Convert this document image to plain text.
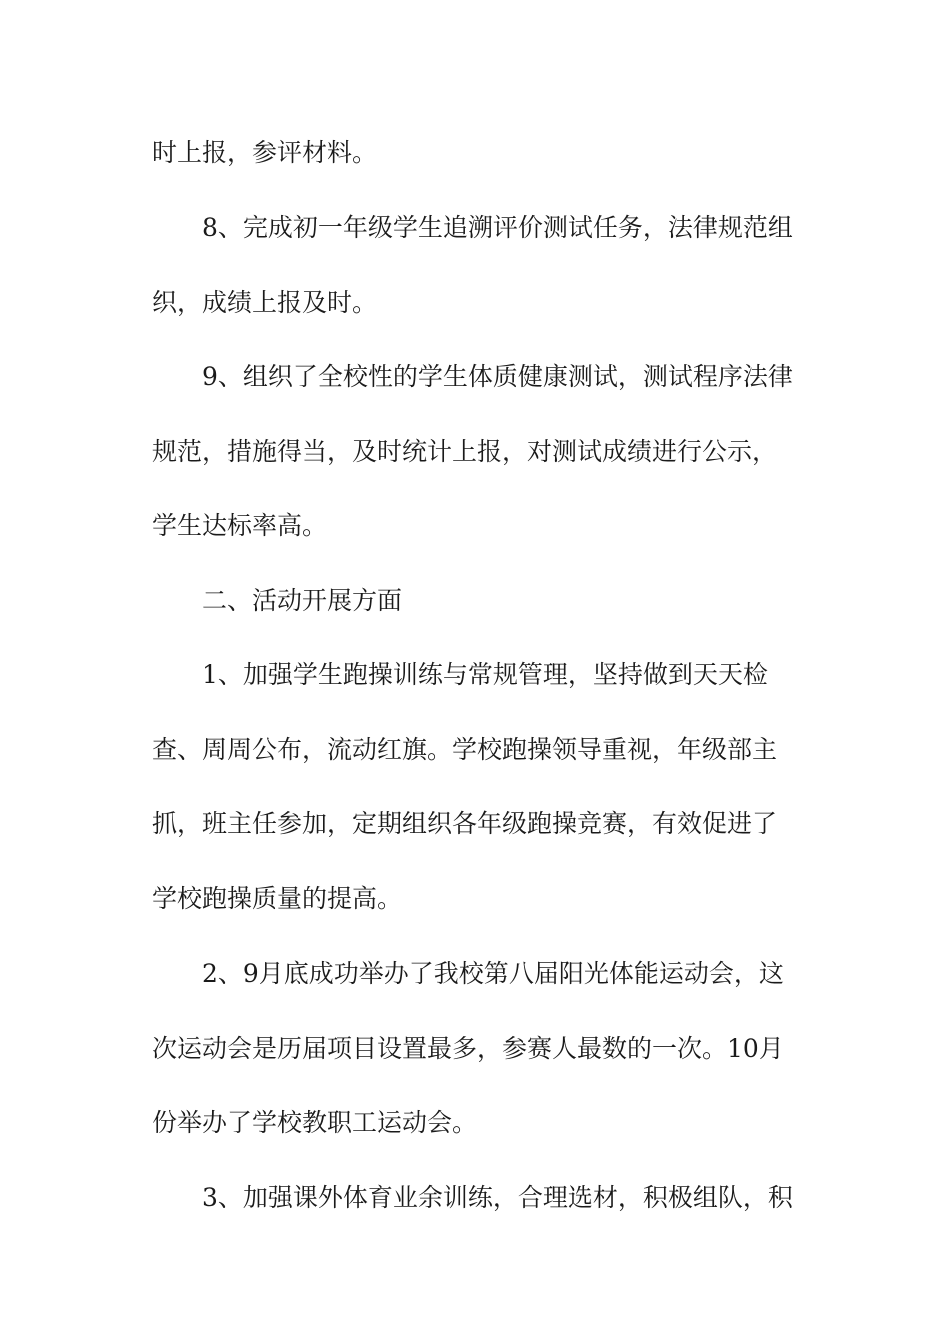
时上报，参评材料。
8、完成初一年级学生追溯评价测试任务，法律规范组
织，成绩上报及时。
9、组织了全校性的学生体质健康测试，测试程序法律
规范，措施得当，及时统计上报，对测试成绩进行公示，
学生达标率高。
二、活动开展方面
1、加强学生跑操训练与常规管理，坚持做到天天检
查、周周公布，流动红旗。学校跑操领导重视，年级部主
抓，班主任参加，定期组织各年级跑操竞赛，有效促进了
学校跑操质量的提高。
2、9月底成功举办了我校第八届阳光体能运动会，这
次运动会是历届项目设置最多，参赛人最数的一次。10月
份举办了学校教职工运动会。
3、加强课外体育业余训练，合理选材，积极组队，积
